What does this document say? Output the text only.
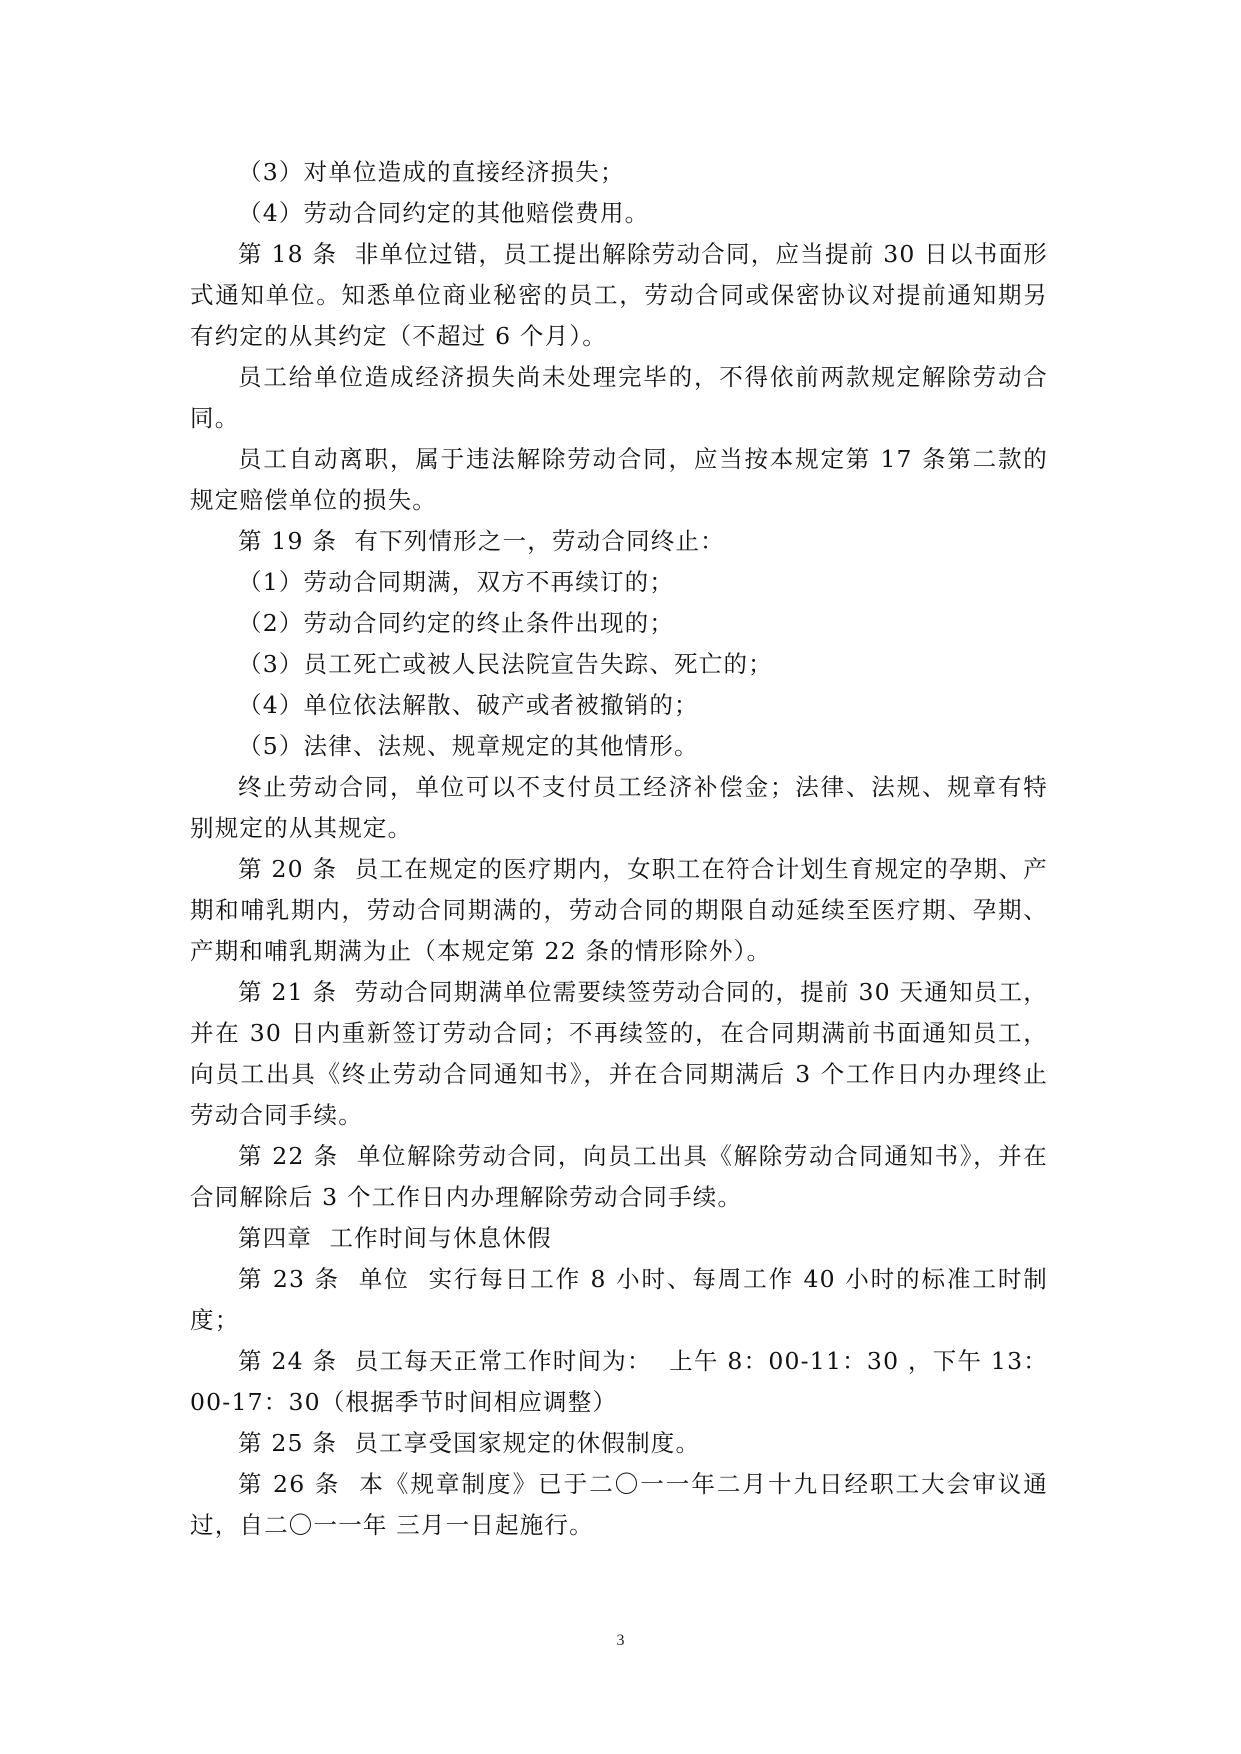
（3）对单位造成的直接经济损失；

（4）劳动合同约定的其他赔偿费用。

第 18 条  非单位过错，员工提出解除劳动合同，应当提前 30 日以书面形式通知单位。知悉单位商业秘密的员工，劳动合同或保密协议对提前通知期另有约定的从其约定（不超过 6 个月）。

员工给单位造成经济损失尚未处理完毕的，不得依前两款规定解除劳动合同。

员工自动离职，属于违法解除劳动合同，应当按本规定第 17 条第二款的规定赔偿单位的损失。

第 19 条  有下列情形之一，劳动合同终止：

（1）劳动合同期满，双方不再续订的；

（2）劳动合同约定的终止条件出现的；

（3）员工死亡或被人民法院宣告失踪、死亡的；

（4）单位依法解散、破产或者被撤销的；

（5）法律、法规、规章规定的其他情形。

终止劳动合同，单位可以不支付员工经济补偿金；法律、法规、规章有特别规定的从其规定。

第 20 条  员工在规定的医疗期内，女职工在符合计划生育规定的孕期、产期和哺乳期内，劳动合同期满的，劳动合同的期限自动延续至医疗期、孕期、产期和哺乳期满为止（本规定第 22 条的情形除外）。

第 21 条  劳动合同期满单位需要续签劳动合同的，提前 30 天通知员工，并在 30 日内重新签订劳动合同；不再续签的，在合同期满前书面通知员工，向员工出具《终止劳动合同通知书》，并在合同期满后 3 个工作日内办理终止劳动合同手续。

第 22 条  单位解除劳动合同，向员工出具《解除劳动合同通知书》，并在合同解除后 3 个工作日内办理解除劳动合同手续。

第四章  工作时间与休息休假

第 23 条  单位  实行每日工作 8 小时、每周工作 40 小时的标准工时制度；

第 24 条  员工每天正常工作时间为：  上午 8：00-11：30 ，下午 13：00-17：30（根据季节时间相应调整）

第 25 条  员工享受国家规定的休假制度。

第 26 条  本《规章制度》已于二〇一一年二月十九日经职工大会审议通过，自二〇一一年 三月一日起施行。

3
